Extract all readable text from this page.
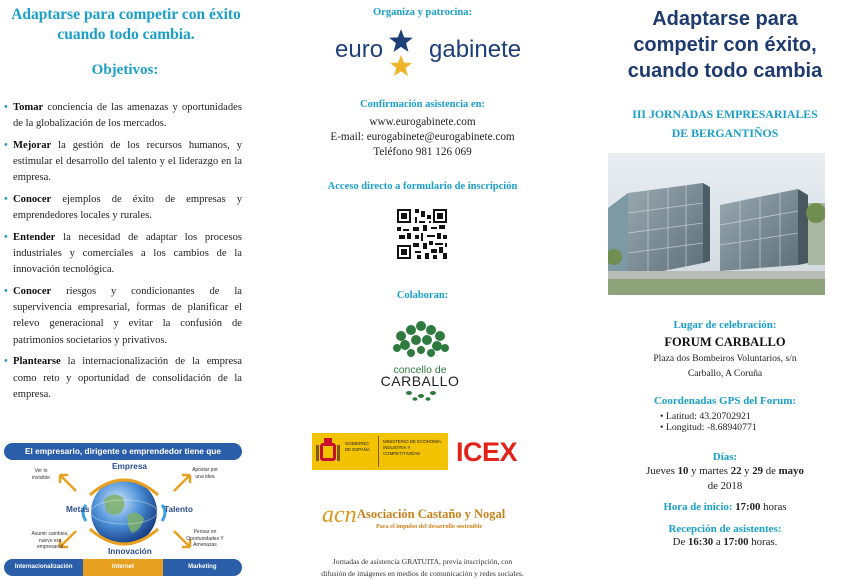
Adaptarse para competir con éxito cuando todo cambia.
Objetivos:
• Tomar conciencia de las amenazas y oportunidades de la globalización de los mercados.
• Mejorar la gestión de los recursos humanos, y estimular el desarrollo del talento y el liderazgo en la empresa.
• Conocer ejemplos de éxito de empresas y emprendedores locales y rurales.
• Entender la necesidad de adaptar los procesos industriales y comerciales a los cambios de la innovación tecnológica.
• Conocer riesgos y condicionantes de la supervivencia empresarial, formas de planificar el relevo generacional y evitar la confusión de patrimonios societarios y privativos.
• Plantearse la internacionalización de la empresa como reto y oportunidad de consolidación de la empresa.
El empresario, dirigente o emprendedor tiene que
Empresa
Metas	Talento
Innovación
Ver lo invisible
Apostar por una idea
Asumir cambios, nuevo era empresarial
Pensar en Oportunidades Y Amenazas
Internacionalización	Internet	Marketing
Organiza y patrocina:
euro gabinete
Confirmación asistencia en:
www.eurogabinete.com
E-mail: eurogabinete@eurogabinete.com
Teléfono 981 126 069
Acceso directo a formulario de inscripción
Colaboran:
concello de
CARBALLO
GOBIERNO DE ESPAÑA
MINISTERIO DE ECONOMÍA, INDUSTRIA Y COMPETITIVIDAD	ICEX
acn Asociación Castaño y Nogal
Para el impulso del desarrollo sostenible
Jornadas de asistencia GRATUITA, previa inscripción, con
difusión de imágenes en medios de comunicación y redes sociales.
Adaptarse para
competir con éxito,
cuando todo cambia
III JORNADAS EMPRESARIALES
DE BERGANTIÑOS
Lugar de celebración:
FORUM CARBALLO
Plaza dos Bombeiros Voluntarios, s/n
Carballo, A Coruña
Coordenadas GPS del Forum:
• Latitud: 43.20702921
• Longitud: -8.68940771
Días:
Jueves 10 y martes 22 y 29 de mayo
de 2018
Hora de inicio: 17:00 horas
Recepción de asistentes:
De 16:30 a 17:00 horas.
